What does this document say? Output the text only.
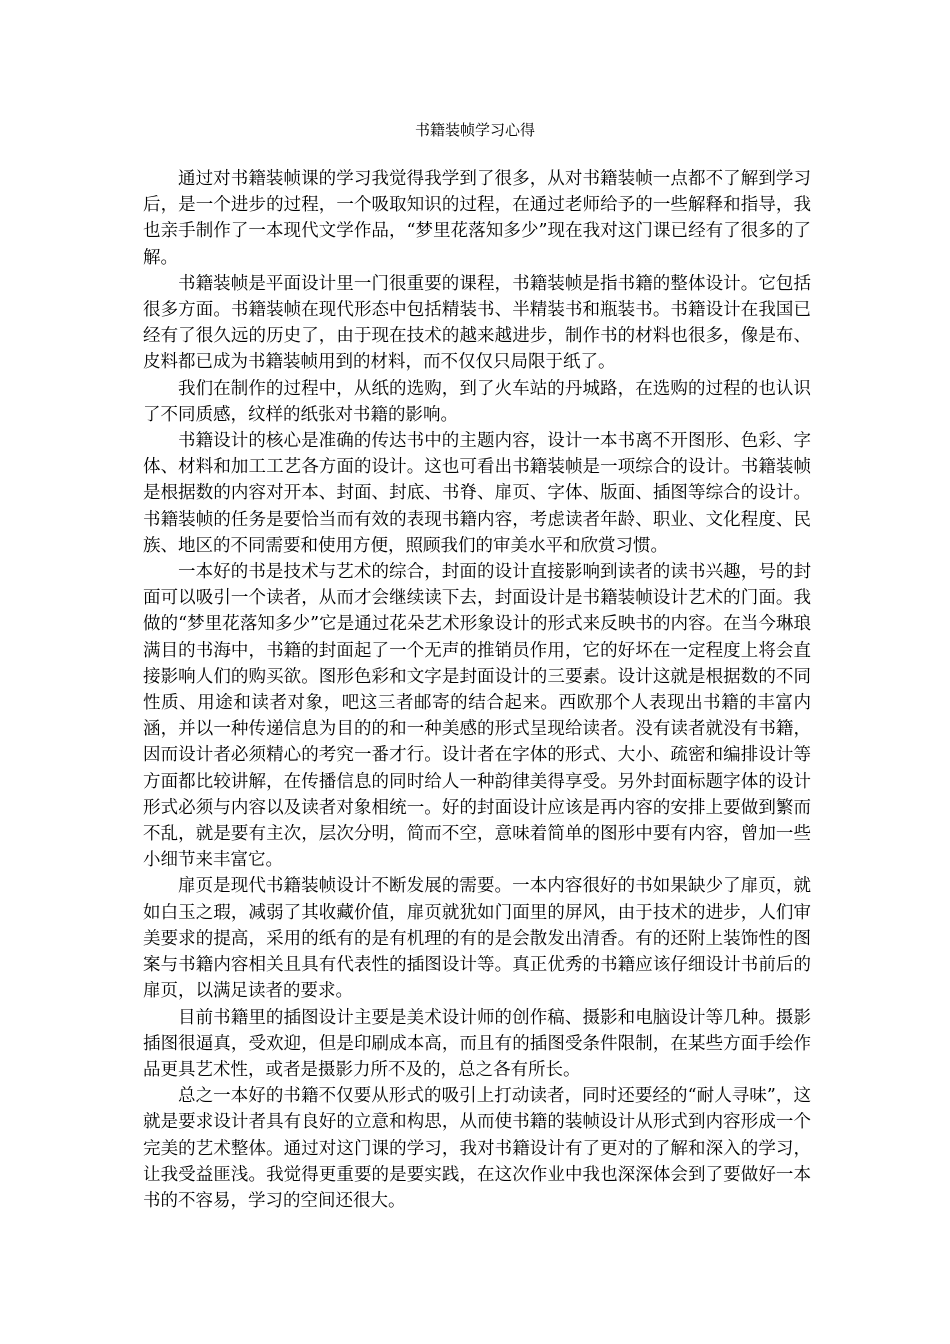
书籍装帧学习心得

通过对书籍装帧课的学习我觉得我学到了很多，从对书籍装帧一点都不了解到学习后，是一个进步的过程，一个吸取知识的过程，在通过老师给予的一些解释和指导，我也亲手制作了一本现代文学作品，“梦里花落知多少”现在我对这门课已经有了很多的了解。

书籍装帧是平面设计里一门很重要的课程，书籍装帧是指书籍的整体设计。它包括很多方面。书籍装帧在现代形态中包括精装书、半精装书和瓶装书。书籍设计在我国已经有了很久远的历史了，由于现在技术的越来越进步，制作书的材料也很多，像是布、皮料都已成为书籍装帧用到的材料，而不仅仅只局限于纸了。

我们在制作的过程中，从纸的选购，到了火车站的丹城路，在选购的过程的也认识了不同质感，纹样的纸张对书籍的影响。

书籍设计的核心是准确的传达书中的主题内容，设计一本书离不开图形、色彩、字体、材料和加工工艺各方面的设计。这也可看出书籍装帧是一项综合的设计。书籍装帧是根据数的内容对开本、封面、封底、书脊、扉页、字体、版面、插图等综合的设计。书籍装帧的任务是要恰当而有效的表现书籍内容，考虑读者年龄、职业、文化程度、民族、地区的不同需要和使用方便，照顾我们的审美水平和欣赏习惯。

一本好的书是技术与艺术的综合，封面的设计直接影响到读者的读书兴趣，号的封面可以吸引一个读者，从而才会继续读下去，封面设计是书籍装帧设计艺术的门面。我做的“梦里花落知多少”它是通过花朵艺术形象设计的形式来反映书的内容。在当今琳琅满目的书海中，书籍的封面起了一个无声的推销员作用，它的好坏在一定程度上将会直接影响人们的购买欲。图形色彩和文字是封面设计的三要素。设计这就是根据数的不同性质、用途和读者对象，吧这三者邮寄的结合起来。西欧那个人表现出书籍的丰富内涵，并以一种传递信息为目的的和一种美感的形式呈现给读者。没有读者就没有书籍，因而设计者必须精心的考究一番才行。设计者在字体的形式、大小、疏密和编排设计等方面都比较讲解，在传播信息的同时给人一种韵律美得享受。另外封面标题字体的设计形式必须与内容以及读者对象相统一。好的封面设计应该是再内容的安排上要做到繁而不乱，就是要有主次，层次分明，简而不空，意味着简单的图形中要有内容，曾加一些小细节来丰富它。

扉页是现代书籍装帧设计不断发展的需要。一本内容很好的书如果缺少了扉页，就如白玉之瑕，减弱了其收藏价值，扉页就犹如门面里的屏风，由于技术的进步，人们审美要求的提高，采用的纸有的是有机理的有的是会散发出清香。有的还附上装饰性的图案与书籍内容相关且具有代表性的插图设计等。真正优秀的书籍应该仔细设计书前后的扉页，以满足读者的要求。

目前书籍里的插图设计主要是美术设计师的创作稿、摄影和电脑设计等几种。摄影插图很逼真，受欢迎，但是印刷成本高，而且有的插图受条件限制，在某些方面手绘作品更具艺术性，或者是摄影力所不及的，总之各有所长。

总之一本好的书籍不仅要从形式的吸引上打动读者，同时还要经的“耐人寻味”，这就是要求设计者具有良好的立意和构思，从而使书籍的装帧设计从形式到内容形成一个完美的艺术整体。通过对这门课的学习，我对书籍设计有了更对的了解和深入的学习，让我受益匪浅。我觉得更重要的是要实践，在这次作业中我也深深体会到了要做好一本书的不容易，学习的空间还很大。
